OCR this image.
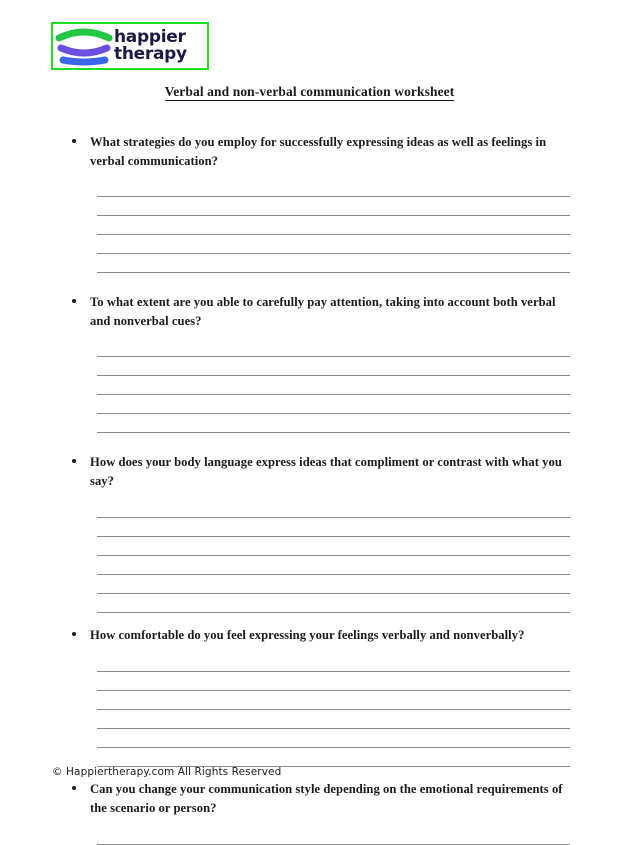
happier
therapy
Verbal and non-verbal communication worksheet
What strategies do you employ for successfully expressing ideas as well as feelings in verbal communication?
To what extent are you able to carefully pay attention, taking into account both verbal and nonverbal cues?
How does your body language express ideas that compliment or contrast with what you say?
How comfortable do you feel expressing your feelings verbally and nonverbally?
Can you change your communication style depending on the emotional requirements of the scenario or person?
© Happiertherapy.com All Rights Reserved
